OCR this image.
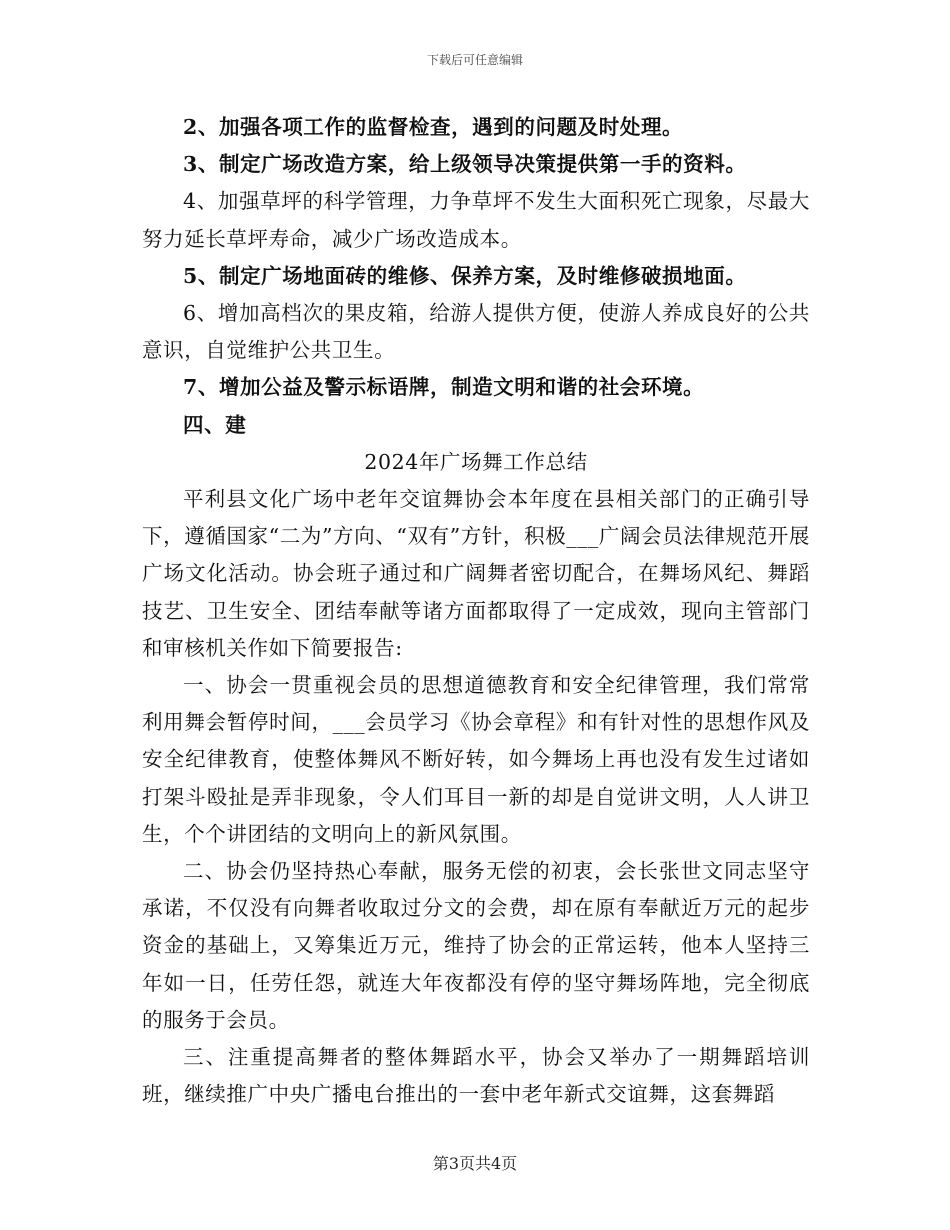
下载后可任意编辑

2、加强各项工作的监督检查，遇到的问题及时处理。

3、制定广场改造方案，给上级领导决策提供第一手的资料。

4、加强草坪的科学管理，力争草坪不发生大面积死亡现象，尽最大努力延长草坪寿命，减少广场改造成本。

5、制定广场地面砖的维修、保养方案，及时维修破损地面。

6、增加高档次的果皮箱，给游人提供方便，使游人养成良好的公共意识，自觉维护公共卫生。

7、增加公益及警示标语牌，制造文明和谐的社会环境。

四、建

2024年广场舞工作总结

平利县文化广场中老年交谊舞协会本年度在县相关部门的正确引导下，遵循国家“二为”方向、“双有”方针，积极___广阔会员法律规范开展广场文化活动。协会班子通过和广阔舞者密切配合，在舞场风纪、舞蹈技艺、卫生安全、团结奉献等诸方面都取得了一定成效，现向主管部门和审核机关作如下简要报告:

一、协会一贯重视会员的思想道德教育和安全纪律管理，我们常常利用舞会暂停时间，___会员学习《协会章程》和有针对性的思想作风及安全纪律教育，使整体舞风不断好转，如今舞场上再也没有发生过诸如打架斗殴扯是弄非现象，令人们耳目一新的却是自觉讲文明，人人讲卫生，个个讲团结的文明向上的新风氛围。

二、协会仍坚持热心奉献，服务无偿的初衷，会长张世文同志坚守承诺，不仅没有向舞者收取过分文的会费，却在原有奉献近万元的起步资金的基础上，又筹集近万元，维持了协会的正常运转，他本人坚持三年如一日，任劳任怨，就连大年夜都没有停的坚守舞场阵地，完全彻底的服务于会员。

三、注重提高舞者的整体舞蹈水平，协会又举办了一期舞蹈培训班，继续推广中央广播电台推出的一套中老年新式交谊舞，这套舞蹈

第3页共4页
